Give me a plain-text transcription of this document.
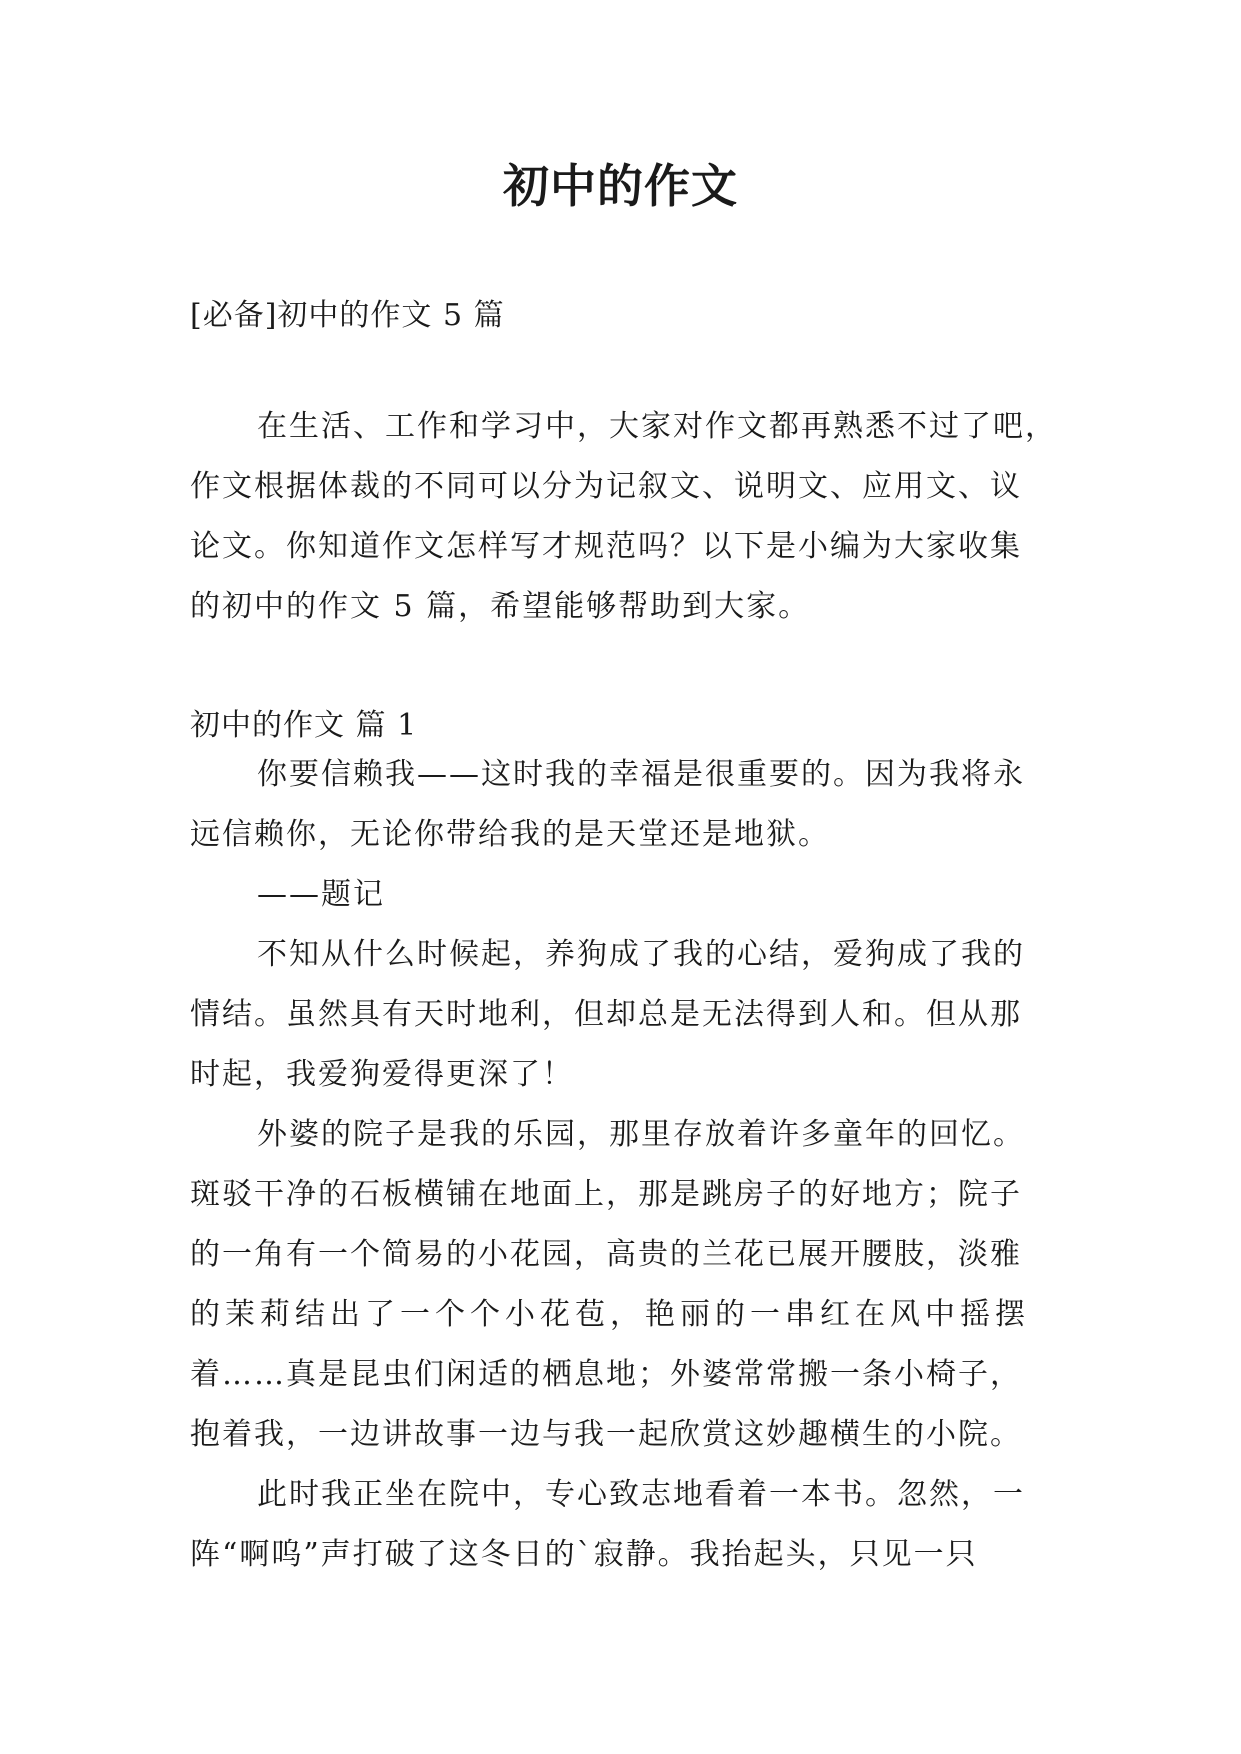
初中的作文
[必备]初中的作文 5 篇
在生活、工作和学习中，大家对作文都再熟悉不过了吧，
作文根据体裁的不同可以分为记叙文、说明文、应用文、议
论文。你知道作文怎样写才规范吗？以下是小编为大家收集
的初中的作文 5 篇，希望能够帮助到大家。
初中的作文 篇 1
你要信赖我——这时我的幸福是很重要的。因为我将永
远信赖你，无论你带给我的是天堂还是地狱。
——题记
不知从什么时候起，养狗成了我的心结，爱狗成了我的
情结。虽然具有天时地利，但却总是无法得到人和。但从那
时起，我爱狗爱得更深了！
外婆的院子是我的乐园，那里存放着许多童年的回忆。
斑驳干净的石板横铺在地面上，那是跳房子的好地方；院子
的一角有一个简易的小花园，高贵的兰花已展开腰肢，淡雅
的茉莉结出了一个个小花苞，艳丽的一串红在风中摇摆
着……真是昆虫们闲适的栖息地；外婆常常搬一条小椅子，
抱着我，一边讲故事一边与我一起欣赏这妙趣横生的小院。
此时我正坐在院中，专心致志地看着一本书。忽然，一
阵“啊呜”声打破了这冬日的`寂静。我抬起头，只见一只
